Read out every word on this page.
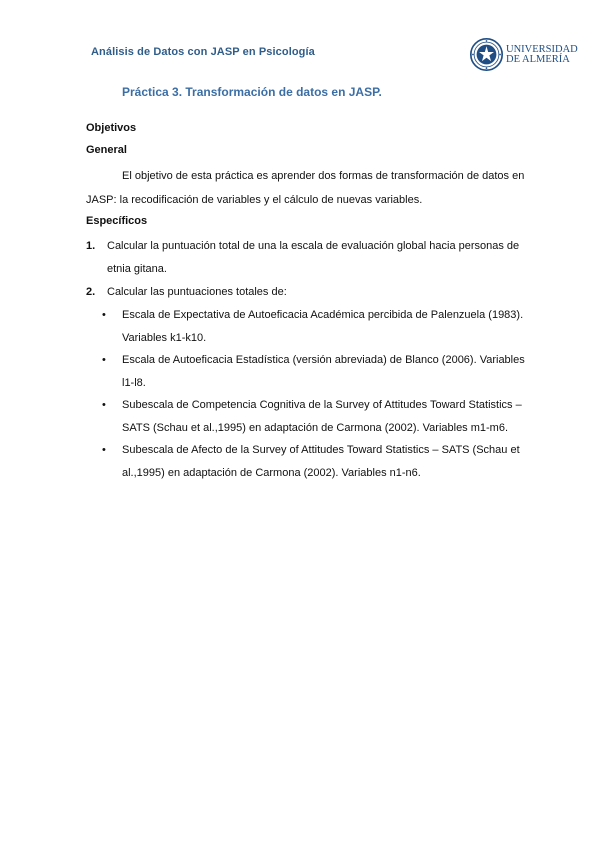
Análisis de Datos con JASP en Psicología	UNIVERSIDAD
DE ALMERÍA
Práctica 3. Transformación de datos en JASP.

Objetivos

General

El objetivo de esta práctica es aprender dos formas de transformación de datos en JASP: la recodificación de variables y el cálculo de nuevas variables.

Específicos

1. Calcular la puntuación total de una la escala de evaluación global hacia personas de etnia gitana.
2. Calcular las puntuaciones totales de:
• Escala de Expectativa de Autoeficacia Académica percibida de Palenzuela (1983). Variables k1-k10.
• Escala de Autoeficacia Estadística (versión abreviada) de Blanco (2006). Variables l1-l8.
• Subescala de Competencia Cognitiva de la Survey of Attitudes Toward Statistics –SATS (Schau et al.,1995) en adaptación de Carmona (2002). Variables m1-m6.
• Subescala de Afecto de la Survey of Attitudes Toward Statistics – SATS (Schau et al.,1995) en adaptación de Carmona (2002). Variables n1-n6.
